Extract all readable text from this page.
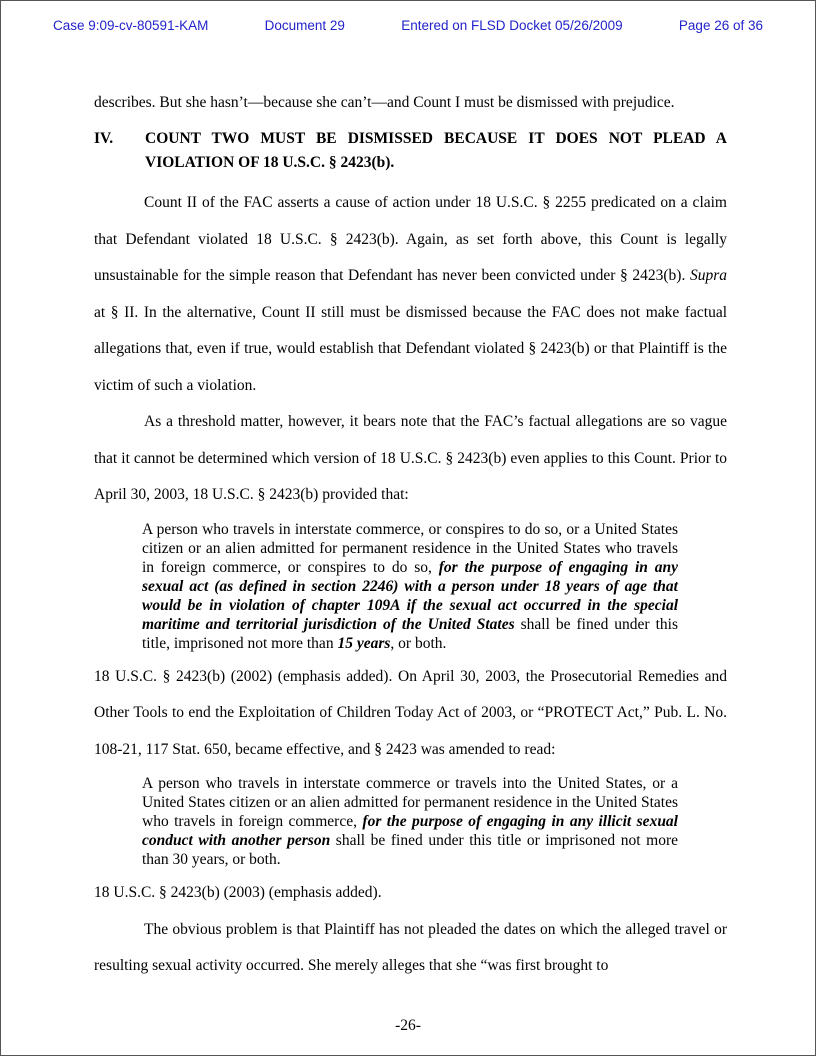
Case 9:09-cv-80591-KAM	Document 29	Entered on FLSD Docket 05/26/2009	Page 26 of 36

describes. But she hasn’t—because she can’t—and Count I must be dismissed with prejudice.

IV.	COUNT TWO MUST BE DISMISSED BECAUSE IT DOES NOT PLEAD A VIOLATION OF 18 U.S.C. § 2423(b).

Count II of the FAC asserts a cause of action under 18 U.S.C. § 2255 predicated on a claim that Defendant violated 18 U.S.C. § 2423(b). Again, as set forth above, this Count is legally unsustainable for the simple reason that Defendant has never been convicted under § 2423(b). Supra at § II. In the alternative, Count II still must be dismissed because the FAC does not make factual allegations that, even if true, would establish that Defendant violated § 2423(b) or that Plaintiff is the victim of such a violation.

As a threshold matter, however, it bears note that the FAC’s factual allegations are so vague that it cannot be determined which version of 18 U.S.C. § 2423(b) even applies to this Count. Prior to April 30, 2003, 18 U.S.C. § 2423(b) provided that:

A person who travels in interstate commerce, or conspires to do so, or a United States citizen or an alien admitted for permanent residence in the United States who travels in foreign commerce, or conspires to do so, for the purpose of engaging in any sexual act (as defined in section 2246) with a person under 18 years of age that would be in violation of chapter 109A if the sexual act occurred in the special maritime and territorial jurisdiction of the United States shall be fined under this title, imprisoned not more than 15 years, or both.

18 U.S.C. § 2423(b) (2002) (emphasis added). On April 30, 2003, the Prosecutorial Remedies and Other Tools to end the Exploitation of Children Today Act of 2003, or “PROTECT Act,” Pub. L. No. 108-21, 117 Stat. 650, became effective, and § 2423 was amended to read:

A person who travels in interstate commerce or travels into the United States, or a United States citizen or an alien admitted for permanent residence in the United States who travels in foreign commerce, for the purpose of engaging in any illicit sexual conduct with another person shall be fined under this title or imprisoned not more than 30 years, or both.

18 U.S.C. § 2423(b) (2003) (emphasis added).

The obvious problem is that Plaintiff has not pleaded the dates on which the alleged travel or resulting sexual activity occurred. She merely alleges that she “was first brought to

-26-
